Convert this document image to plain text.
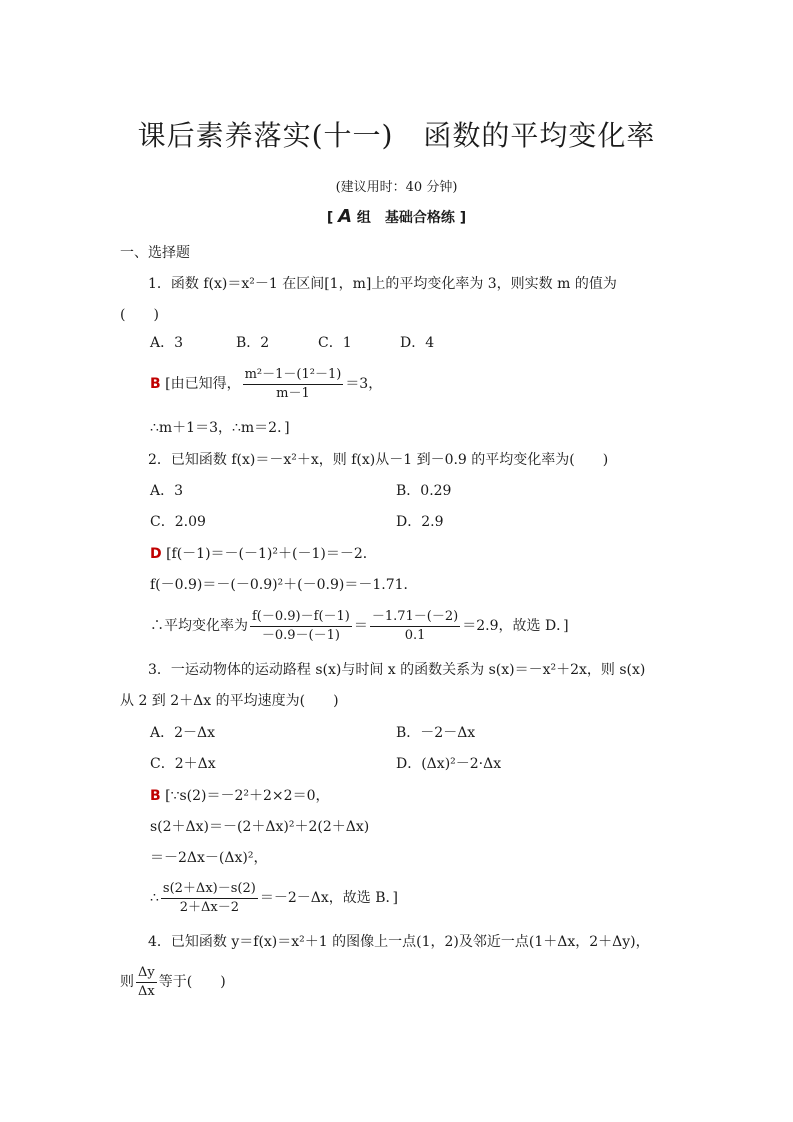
课后素养落实(十一) 函数的平均变化率
(建议用时：40 分钟)
[ A 组　基础合格练 ]
一、选择题
1．函数 f(x)＝x²－1 在区间[1，m]上的平均变化率为 3，则实数 m 的值为
(　　)
A．3	B．2	C．1	D．4
B [由已知得， $\frac{\text{m²－1－(1²－1)}}{m-1} =3$，
∴m＋1＝3，∴m＝2．]
2．已知函数 f(x)＝－x²＋x，则 f(x)从－1 到－0.9 的平均变化率为(　　)
A．3	B．0.29
C．2.09	D．2.9
D [f(－1)＝－(－1)²＋(－1)＝－2．
f(－0.9)＝－(－0.9)²＋(－0.9)＝－1.71．
∴平均变化率为 $\frac{f(-0.9)-f(-1)}{-0.9-(-1)} = \frac{-1.71-(-2)}{0.1} =2.9$，故选 D．]
3．一运动物体的运动路程 s(x)与时间 x 的函数关系为 s(x)＝－x²＋2x，则 s(x)
从 2 到 2＋Δx 的平均速度为(　　)
A．2－Δx	B．－2－Δx
C．2＋Δx	D．(Δx)²－2·Δx
B [∵s(2)＝－2²＋2×2＝0，
s(2＋Δx)＝－(2＋Δx)²＋2(2＋Δx)
＝－2Δx－(Δx)²，
∴ $\frac{s(2+\Delta x)-s(2)}{2+\Delta x-2} =-2-\Delta x$，故选 B．]
4．已知函数 y＝f(x)＝x²＋1 的图像上一点(1，2)及邻近一点(1＋Δx，2＋Δy)，
则 $\frac{\Delta y}{\Delta x}$ 等于(　　)
